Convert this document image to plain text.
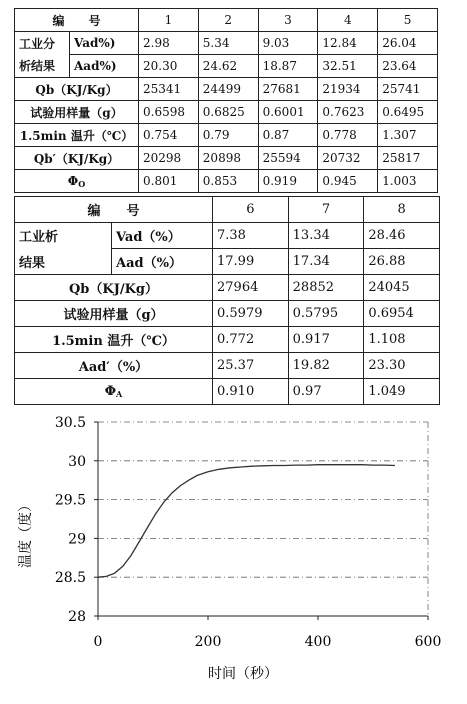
编　　号		1	2	3	4	5
工业分	Vad%)	2.98	5.34	9.03	12.84	26.04
析结果	Aad%)	20.30	24.62	18.87	32.51	23.64
Qb（KJ/Kg）		25341	24499	27681	21934	25741
试验用样量（g）		0.6598	0.6825	0.6001	0.7623	0.6495
1.5min 温升（℃）		0.754	0.79	0.87	0.778	1.307
Qb′（KJ/Kg）		20298	20898	25594	20732	25817
$\Phi_O$		0.801	0.853	0.919	0.945	1.003
编　　号		6	7	8
工业析	Vad（%）	7.38	13.34	28.46
结果	Aad（%）	17.99	17.34	26.88
Qb（KJ/Kg）		27964	28852	24045
试验用样量（g）		0.5979	0.5795	0.6954
1.5min 温升（℃）		0.772	0.917	1.108
Aad′（%）		25.37	19.82	23.30
$\Phi_A$		0.910	0.97	1.049
28
28.5
29
29.5
30
30.5
0	200	400	600
时间（秒）
温度（度）
